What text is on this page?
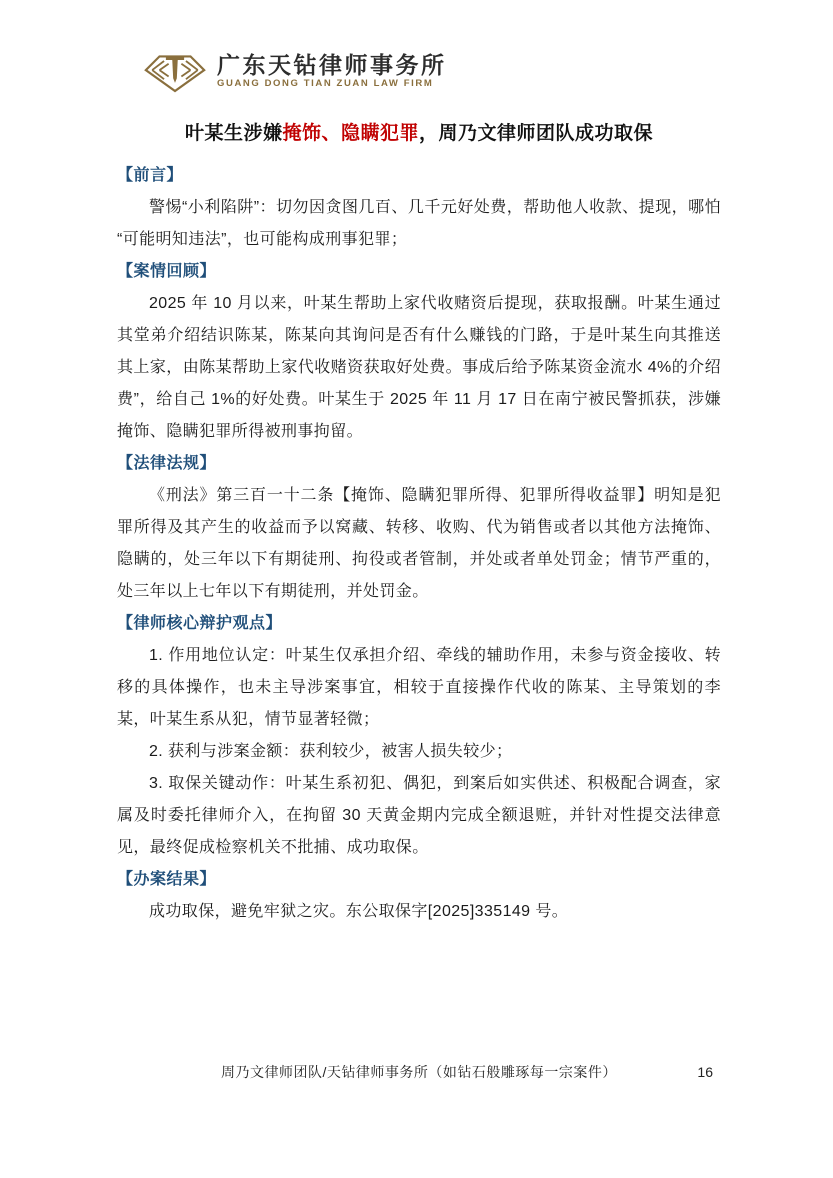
广东天钻律师事务所
GUANG DONG TIAN ZUAN LAW FIRM
叶某生涉嫌掩饰、隐瞒犯罪，周乃文律师团队成功取保
【前言】

警惕“小利陷阱”：切勿因贪图几百、几千元好处费，帮助他人收款、提现，哪怕“可能明知违法”，也可能构成刑事犯罪；

【案情回顾】

2025 年 10 月以来，叶某生帮助上家代收赌资后提现，获取报酬。叶某生通过其堂弟介绍结识陈某，陈某向其询问是否有什么赚钱的门路，于是叶某生向其推送其上家，由陈某帮助上家代收赌资获取好处费。事成后给予陈某资金流水 4%的介绍费”，给自己 1%的好处费。叶某生于 2025 年 11 月 17 日在南宁被民警抓获，涉嫌掩饰、隐瞒犯罪所得被刑事拘留。

【法律法规】

《刑法》第三百一十二条【掩饰、隐瞒犯罪所得、犯罪所得收益罪】明知是犯罪所得及其产生的收益而予以窝藏、转移、收购、代为销售或者以其他方法掩饰、隐瞒的，处三年以下有期徒刑、拘役或者管制，并处或者单处罚金；情节严重的，处三年以上七年以下有期徒刑，并处罚金。

【律师核心辩护观点】

1. 作用地位认定：叶某生仅承担介绍、牵线的辅助作用，未参与资金接收、转移的具体操作，也未主导涉案事宜，相较于直接操作代收的陈某、主导策划的李某，叶某生系从犯，情节显著轻微；

2. 获利与涉案金额：获利较少，被害人损失较少；

3. 取保关键动作：叶某生系初犯、偶犯，到案后如实供述、积极配合调查，家属及时委托律师介入，在拘留 30 天黄金期内完成全额退赃，并针对性提交法律意见，最终促成检察机关不批捕、成功取保。

【办案结果】

成功取保，避免牢狱之灾。东公取保字[2025]335149 号。

周乃文律师团队/天钻律师事务所（如钻石般雕琢每一宗案件）	16
